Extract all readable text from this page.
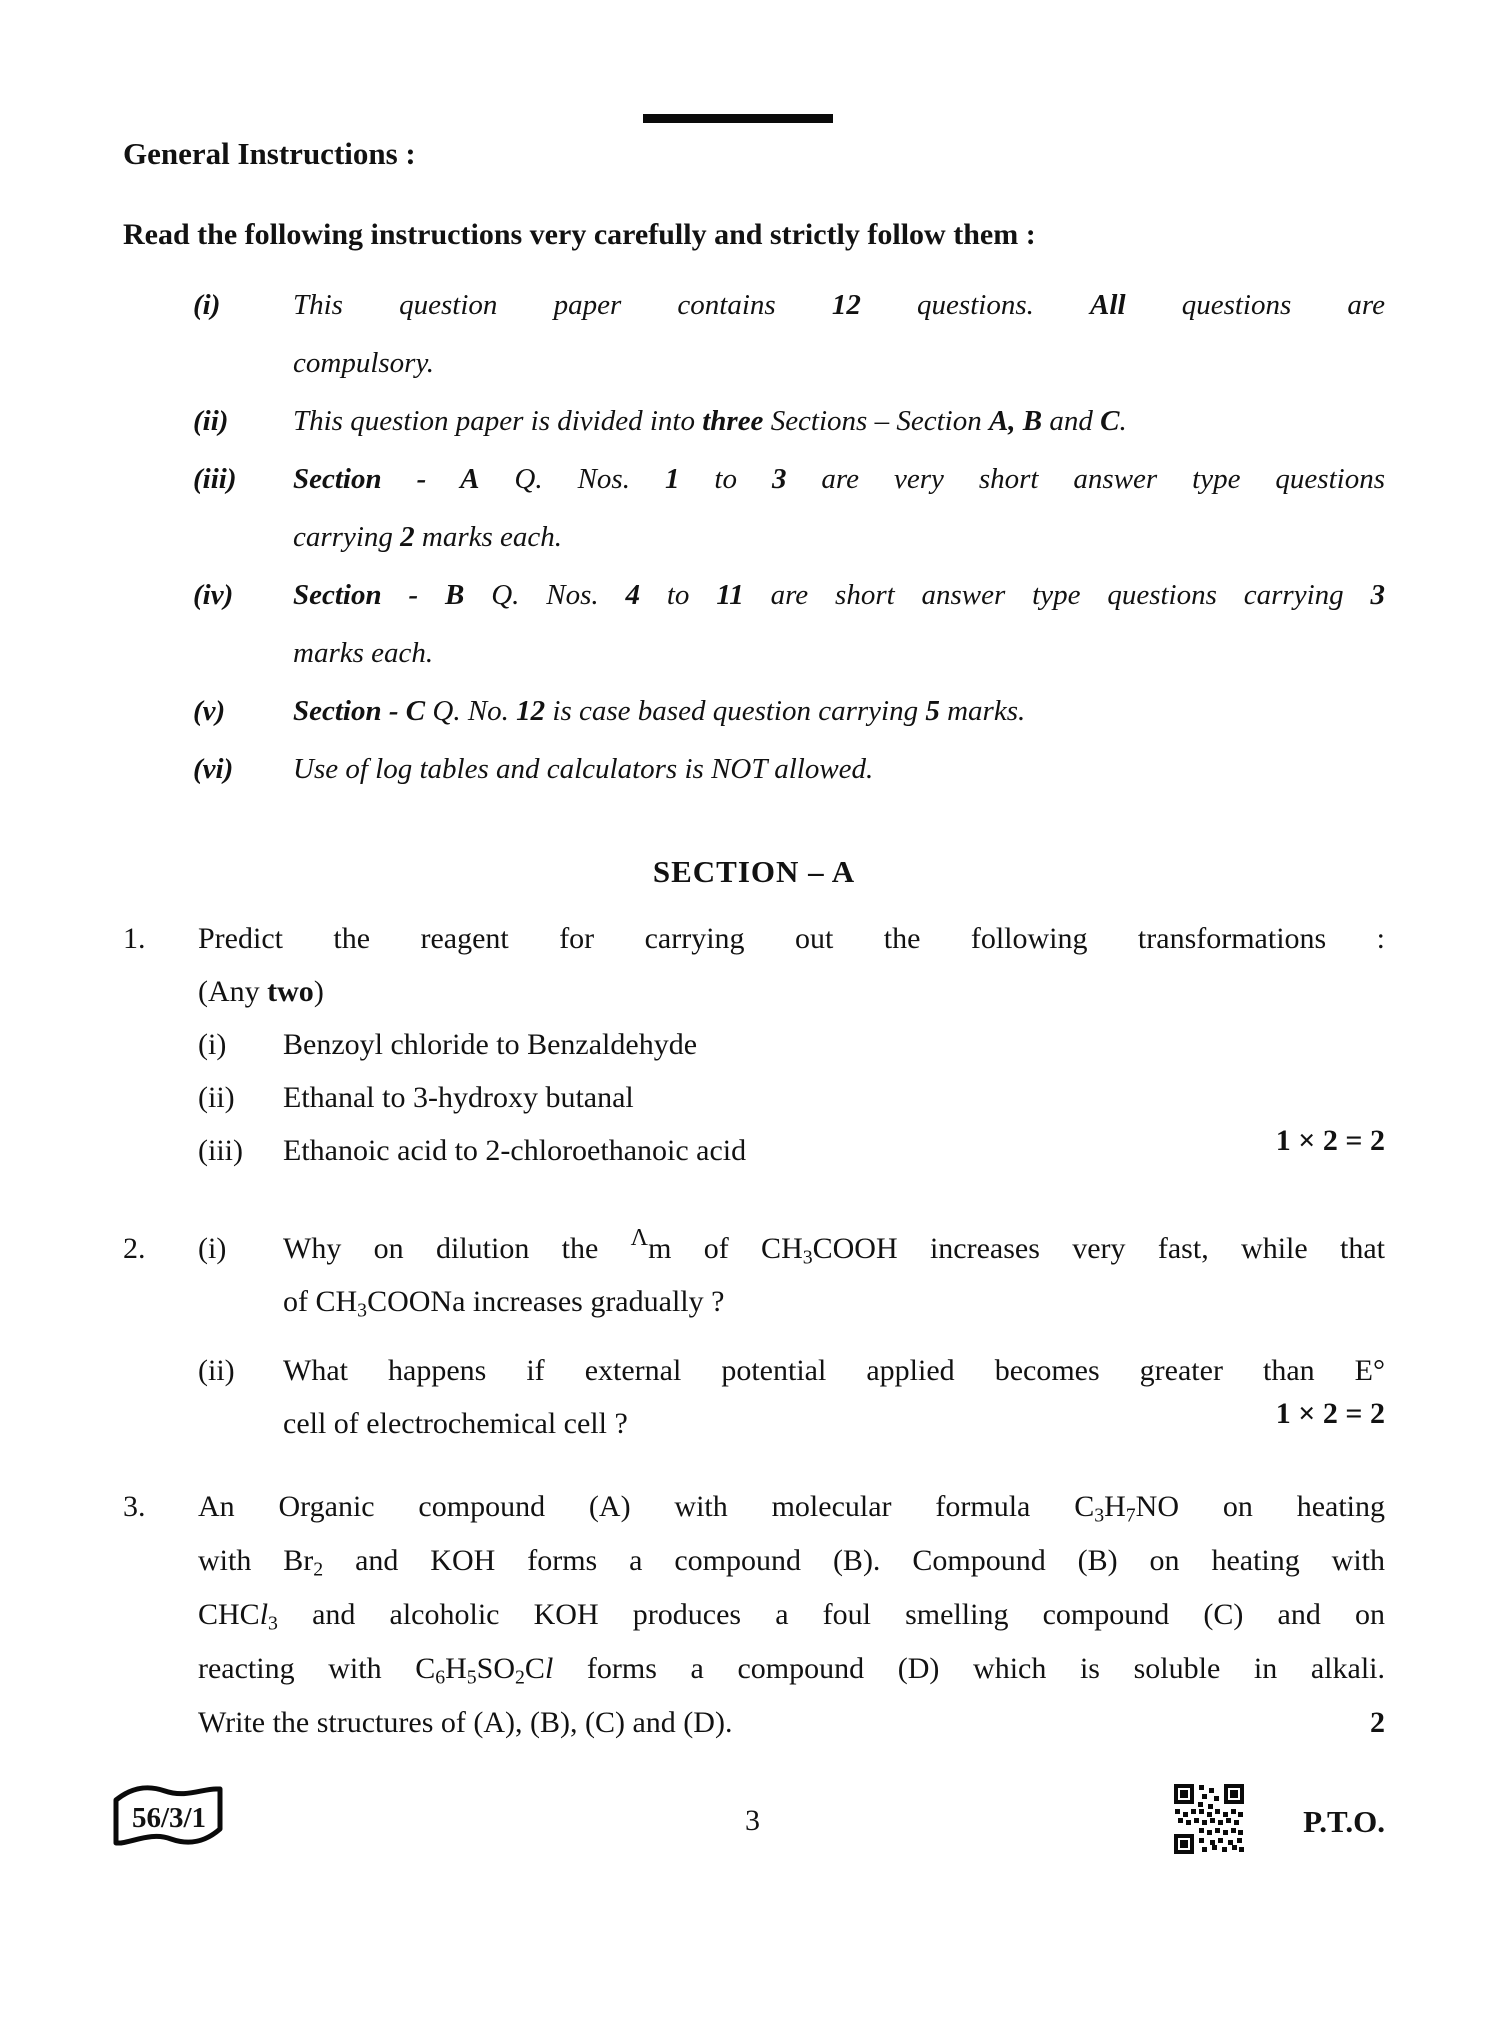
General Instructions :
Read the following instructions very carefully and strictly follow them :
(i)	This question paper contains 12 questions. All questions are
compulsory.
(ii)	This question paper is divided into three Sections – Section A, B and C.
(iii)	Section - A Q. Nos. 1 to 3 are very short answer type questions
carrying 2 marks each.
(iv)	Section - B Q. Nos. 4 to 11 are short answer type questions carrying 3
marks each.
(v)	Section - C Q. No. 12 is case based question carrying 5 marks.
(vi)	Use of log tables and calculators is NOT allowed.
SECTION – A
1.	Predict the reagent for carrying out the following transformations :
(Any two)
(i)	Benzoyl chloride to Benzaldehyde
(ii)	Ethanal to 3-hydroxy butanal
(iii)	Ethanoic acid to 2-chloroethanoic acid	1 × 2 = 2
2.	(i)	Why on dilution the $^\Lambda$m of CH3COOH increases very fast, while that
of CH3COONa increases gradually ?
(ii)	What happens if external potential applied becomes greater than E°
cell of electrochemical cell ?	1 × 2 = 2
3.	An Organic compound (A) with molecular formula C3H7NO on heating
with Br2 and KOH forms a compound (B). Compound (B) on heating with
CHCl3 and alcoholic KOH produces a foul smelling compound (C) and on
reacting with C6H5SO2Cl forms a compound (D) which is soluble in alkali.
2
Write the structures of (A), (B), (C) and (D).
56/3/1	3	P.T.O.
